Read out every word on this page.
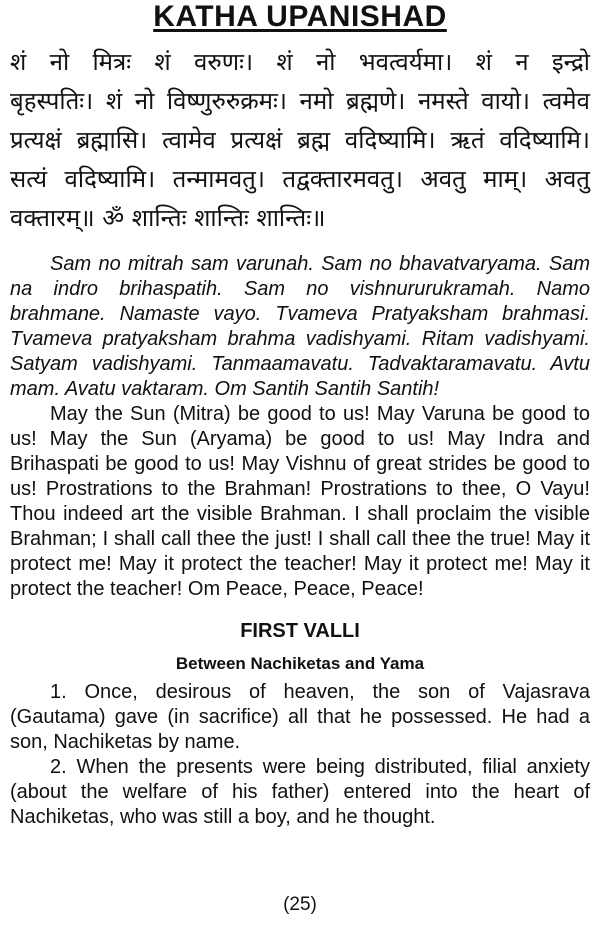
KATHA UPANISHAD
शं नो मित्रः शं वरुणः। शं नो भवत्वर्यमा। शं न इन्द्रो
बृहस्पतिः। शं नो विष्णुरुरुक्रमः। नमो ब्रह्मणे। नमस्ते वायो। त्वमेव
प्रत्यक्षं ब्रह्मासि। त्वामेव प्रत्यक्षं ब्रह्म वदिष्यामि। ऋतं वदिष्यामि।
सत्यं वदिष्यामि। तन्मामवतु। तद्वक्तारमवतु। अवतु माम्। अवतु
वक्तारम्॥ ॐ शान्तिः शान्तिः शान्तिः॥

Sam no mitrah sam varunah. Sam no bhavatvaryama. Sam na indro brihaspatih. Sam no vishnururukramah. Namo brahmane. Namaste vayo. Tvameva Pratyaksham brahmasi. Tvameva pratyaksham brahma vadishyami. Ritam vadishyami. Satyam vadishyami. Tanmaamavatu. Tadvaktaramavatu. Avtu mam. Avatu vaktaram. Om Santih Santih Santih!

May the Sun (Mitra) be good to us! May Varuna be good to us! May the Sun (Aryama) be good to us! May Indra and Brihaspati be good to us! May Vishnu of great strides be good to us! Prostrations to the Brahman! Prostrations to thee, O Vayu! Thou indeed art the visible Brahman. I shall proclaim the visible Brahman; I shall call thee the just! I shall call thee the true! May it protect me! May it protect the teacher! May it protect me! May it protect the teacher! Om Peace, Peace, Peace!

FIRST VALLI
Between Nachiketas and Yama

1. Once, desirous of heaven, the son of Vajasrava (Gautama) gave (in sacrifice) all that he possessed. He had a son, Nachiketas by name.

2. When the presents were being distributed, filial anxiety (about the welfare of his father) entered into the heart of Nachiketas, who was still a boy, and he thought.

(25)
